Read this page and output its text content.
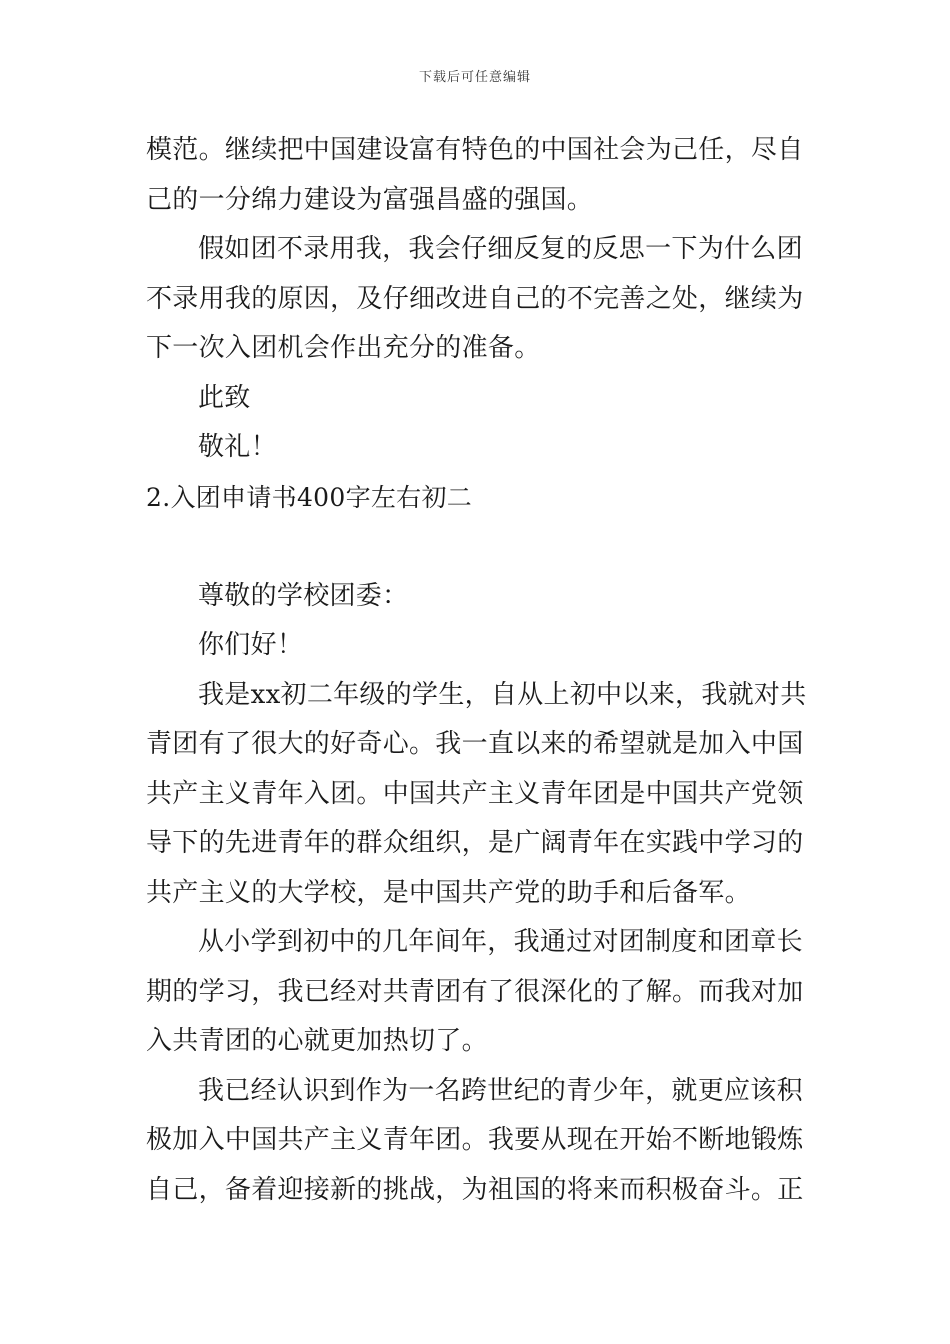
下载后可任意编辑
模范。继续把中国建设富有特色的中国社会为己任，尽自
己的一分绵力建设为富强昌盛的强国。
假如团不录用我，我会仔细反复的反思一下为什么团
不录用我的原因，及仔细改进自己的不完善之处，继续为
下一次入团机会作出充分的准备。
此致
敬礼！
2.入团申请书400字左右初二
尊敬的学校团委：
你们好！
我是xx初二年级的学生，自从上初中以来，我就对共
青团有了很大的好奇心。我一直以来的希望就是加入中国
共产主义青年入团。中国共产主义青年团是中国共产党领
导下的先进青年的群众组织，是广阔青年在实践中学习的
共产主义的大学校，是中国共产党的助手和后备军。
从小学到初中的几年间年，我通过对团制度和团章长
期的学习，我已经对共青团有了很深化的了解。而我对加
入共青团的心就更加热切了。
我已经认识到作为一名跨世纪的青少年，就更应该积
极加入中国共产主义青年团。我要从现在开始不断地锻炼
自己，备着迎接新的挑战，为祖国的将来而积极奋斗。正
